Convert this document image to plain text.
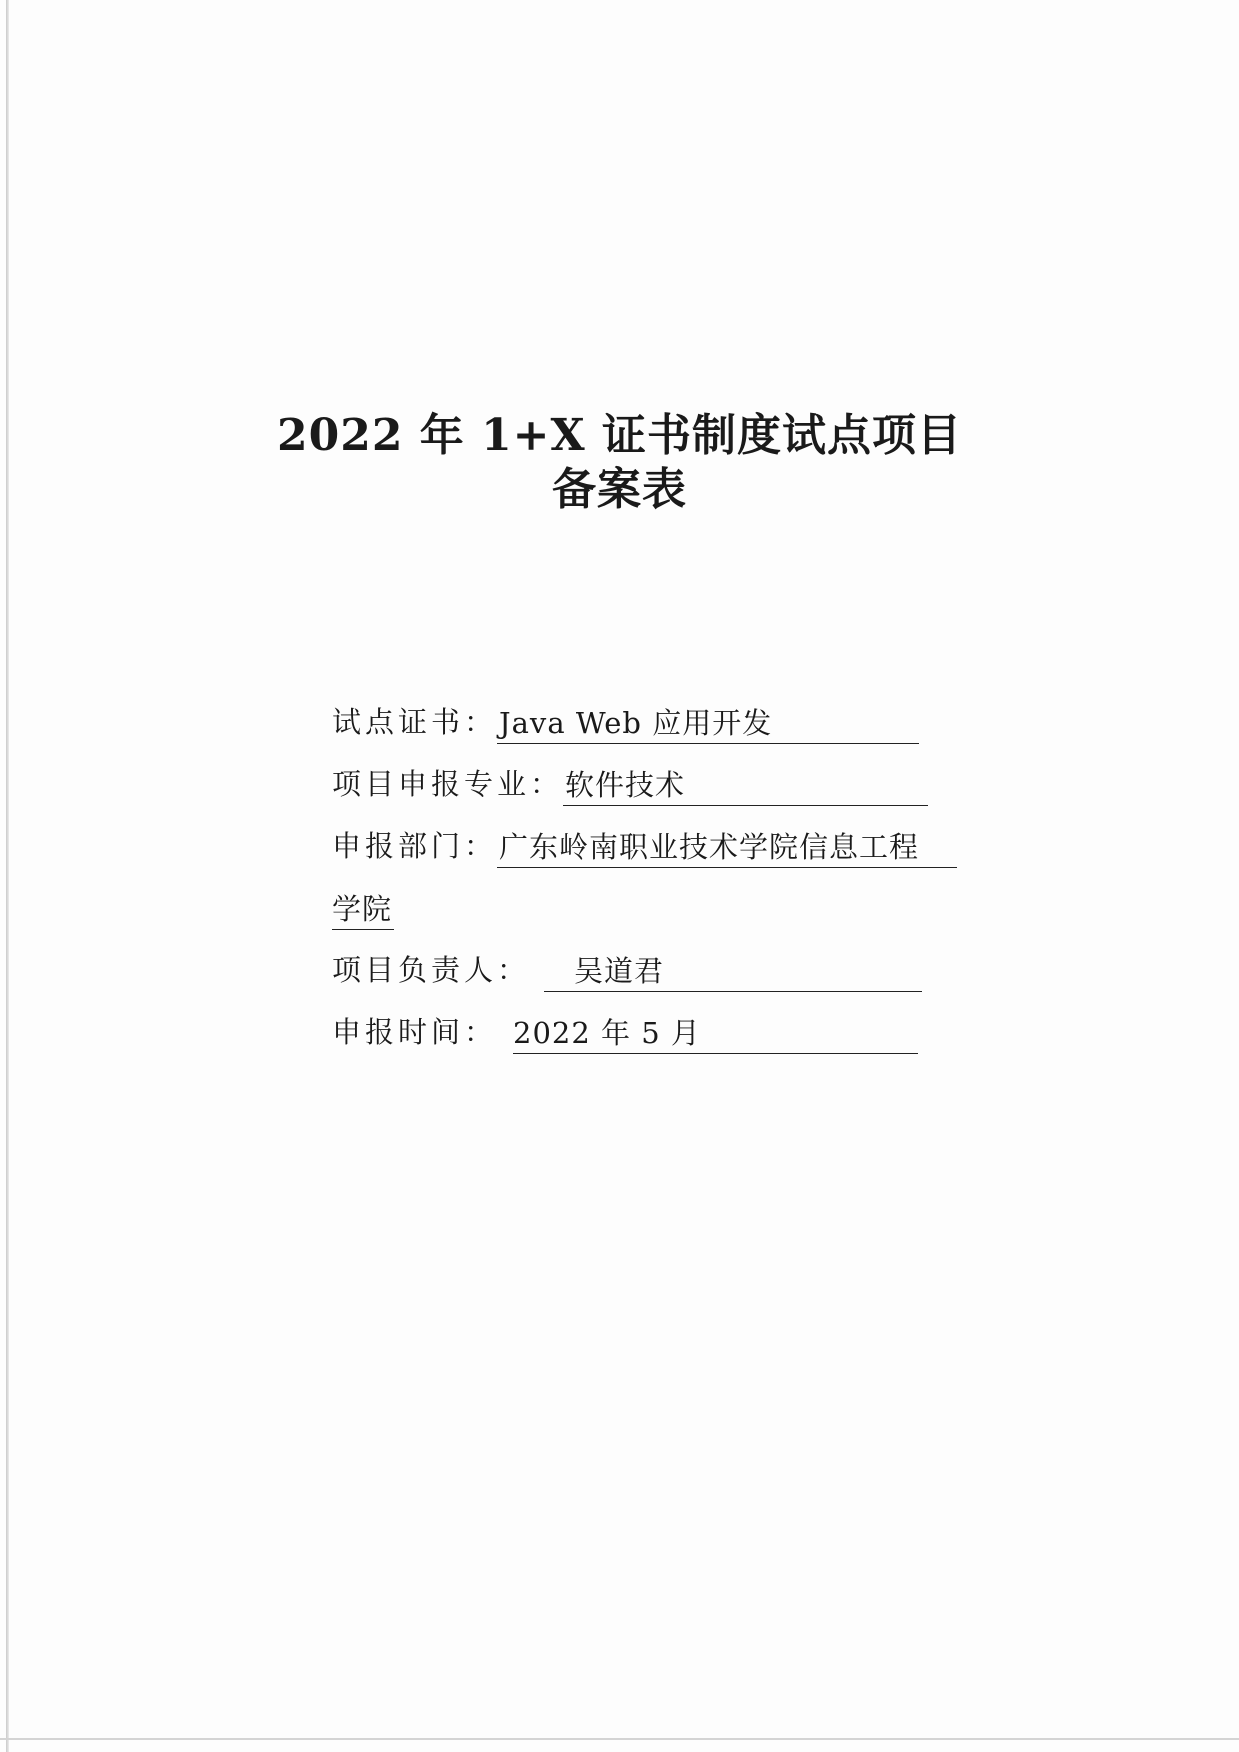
2022 年 1+X 证书制度试点项目
备案表
试点证书：Java Web 应用开发
项目申报专业：软件技术
申报部门：广东岭南职业技术学院信息工程
学院
项目负责人： 吴道君
申报时间： 2022 年 5 月
